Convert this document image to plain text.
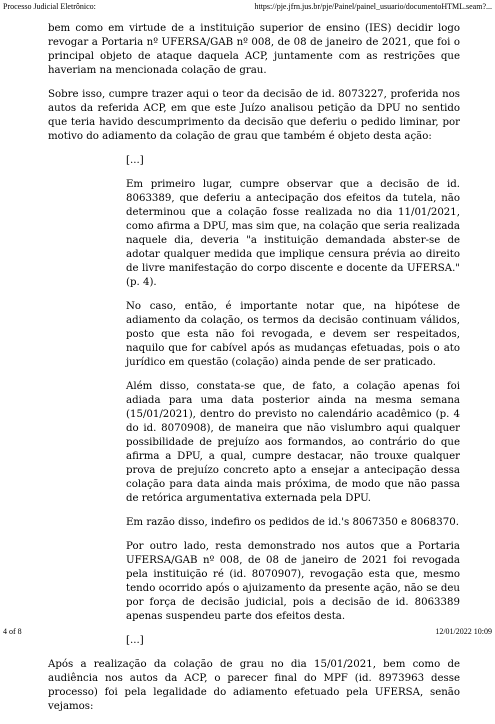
Processo Judicial Eletrônico:	https://pje.jfrn.jus.br/pje/Painel/painel_usuario/documentoHTML.seam?...

bem como em virtude de a instituição superior de ensino (IES) decidir logo revogar a Portaria nº UFERSA/GAB nº 008, de 08 de janeiro de 2021, que foi o principal objeto de ataque daquela ACP, juntamente com as restrições que haveriam na mencionada colação de grau.

Sobre isso, cumpre trazer aqui o teor da decisão de id. 8073227, proferida nos autos da referida ACP, em que este Juízo analisou petição da DPU no sentido que teria havido descumprimento da decisão que deferiu o pedido liminar, por motivo do adiamento da colação de grau que também é objeto desta ação:

[...]

Em primeiro lugar, cumpre observar que a decisão de id. 8063389, que deferiu a antecipação dos efeitos da tutela, não determinou que a colação fosse realizada no dia 11/01/2021, como afirma a DPU, mas sim que, na colação que seria realizada naquele dia, deveria "a instituição demandada abster-se de adotar qualquer medida que implique censura prévia ao direito de livre manifestação do corpo discente e docente da UFERSA." (p. 4).

No caso, então, é importante notar que, na hipótese de adiamento da colação, os termos da decisão continuam válidos, posto que esta não foi revogada, e devem ser respeitados, naquilo que for cabível após as mudanças efetuadas, pois o ato jurídico em questão (colação) ainda pende de ser praticado.

Além disso, constata-se que, de fato, a colação apenas foi adiada para uma data posterior ainda na mesma semana (15/01/2021), dentro do previsto no calendário acadêmico (p. 4 do id. 8070908), de maneira que não vislumbro aqui qualquer possibilidade de prejuízo aos formandos, ao contrário do que afirma a DPU, a qual, cumpre destacar, não trouxe qualquer prova de prejuízo concreto apto a ensejar a antecipação dessa colação para data ainda mais próxima, de modo que não passa de retórica argumentativa externada pela DPU.

Em razão disso, indefiro os pedidos de id.'s 8067350 e 8068370.

Por outro lado, resta demonstrado nos autos que a Portaria UFERSA/GAB nº 008, de 08 de janeiro de 2021 foi revogada pela instituição ré (id. 8070907), revogação esta que, mesmo tendo ocorrido após o ajuizamento da presente ação, não se deu por força de decisão judicial, pois a decisão de id. 8063389 apenas suspendeu parte dos efeitos desta.

[...]

Após a realização da colação de grau no dia 15/01/2021, bem como de audiência nos autos da ACP, o parecer final do MPF (id. 8973963 desse processo) foi pela legalidade do adiamento efetuado pela UFERSA, senão vejamos:

4 of 8	12/01/2022 10:09
